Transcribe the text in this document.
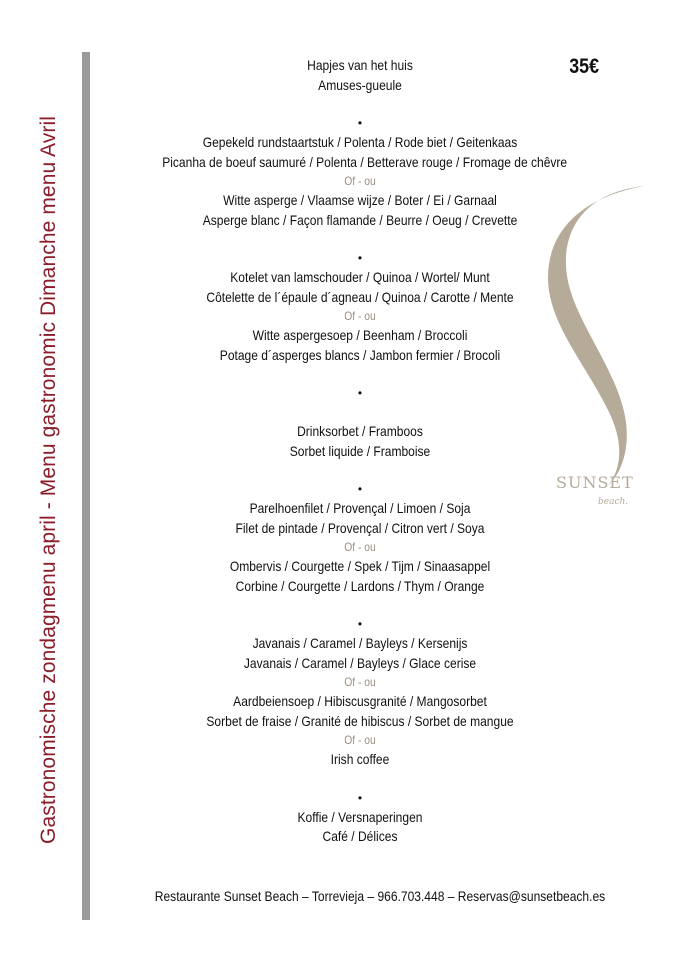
Gastronomische zondagmenu april - Menu gastronomic Dimanche menu Avril
35€
Hapjes van het huis
Amuses-gueule
•
Gepekeld rundstaartstuk / Polenta / Rode biet / Geitenkaas
Picanha de boeuf saumuré / Polenta / Betterave rouge / Fromage de chêvre
Of - ou
Witte asperge / Vlaamse wijze / Boter / Ei / Garnaal
Asperge blanc / Façon flamande / Beurre / Oeug / Crevette
•
Kotelet van lamschouder / Quinoa / Wortel/ Munt
Côtelette de l´épaule d´agneau / Quinoa / Carotte / Mente
Of - ou
Witte aspergesoep / Beenham / Broccoli
Potage d´asperges blancs / Jambon fermier / Brocoli
•
Drinksorbet / Framboos
Sorbet liquide / Framboise
•
Parelhoenfilet / Provençal / Limoen / Soja
Filet de pintade / Provençal / Citron vert / Soya
Of - ou
Ombervis / Courgette / Spek / Tijm / Sinaasappel
Corbine / Courgette / Lardons / Thym / Orange
•
Javanais / Caramel / Bayleys / Kersenijs
Javanais / Caramel / Bayleys / Glace cerise
Of - ou
Aardbeiensoep / Hibiscusgranité / Mangosorbet
Sorbet de fraise / Granité de hibiscus / Sorbet de mangue
Of - ou
Irish coffee
•
Koffie / Versnaperingen
Café / Délices
SUNSET
beach.
Restaurante Sunset Beach – Torrevieja – 966.703.448 – Reservas@sunsetbeach.es
